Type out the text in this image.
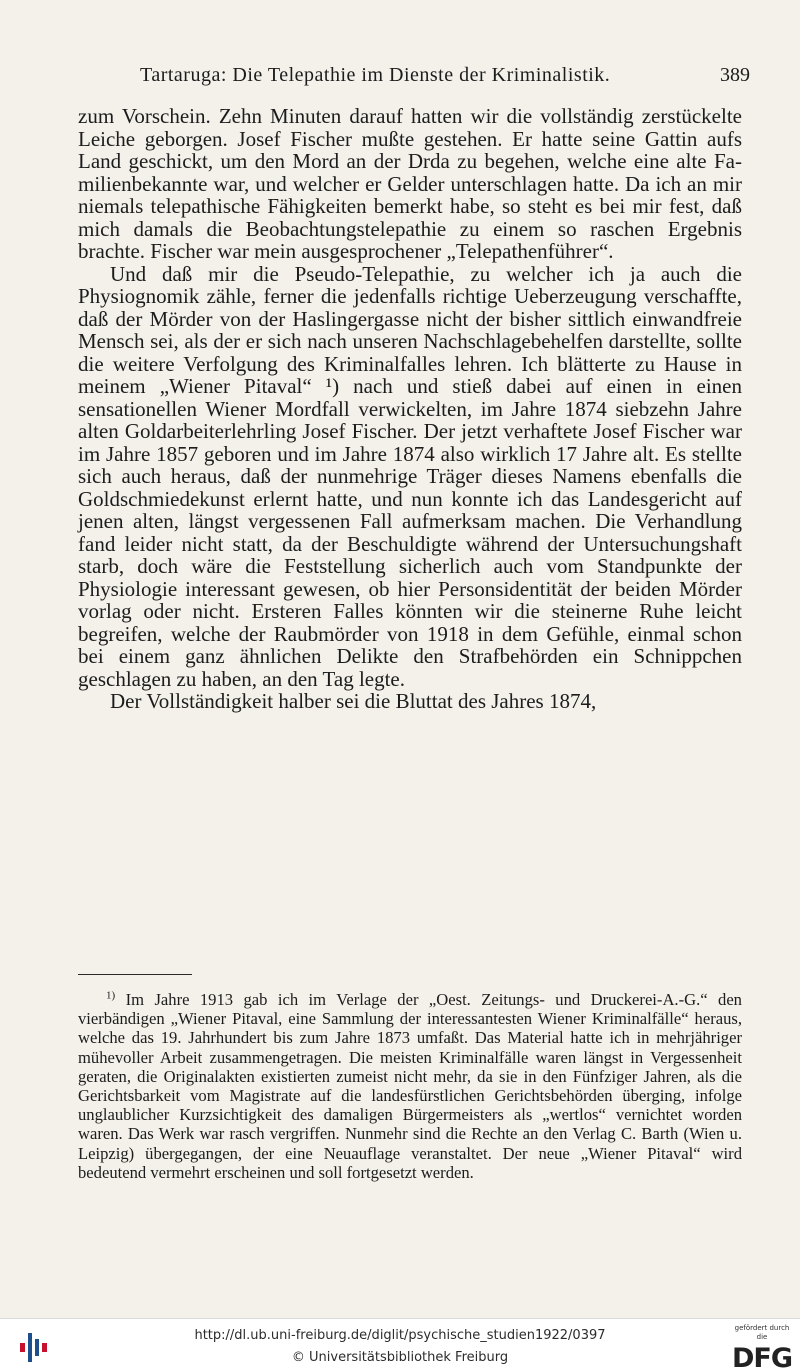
Tartaruga: Die Telepathie im Dienste der Kriminalistik.	389

zum Vorschein. Zehn Minuten darauf hatten wir die vollständig zerstückelte Leiche geborgen. Josef Fischer mußte gestehen. Er hatte seine Gattin aufs Land geschickt, um den Mord an der Drda zu begehen, welche eine alte Familienbekannte war, und welcher er Gelder unterschlagen hatte. Da ich an mir niemals telepathische Fähigkeiten bemerkt habe, so steht es bei mir fest, daß mich damals die Beobachtungstelepathie zu einem so raschen Ergebnis brachte. Fischer war mein ausgesprochener „Telepathenführer“.

Und daß mir die Pseudo-Telepathie, zu welcher ich ja auch die Physiognomik zähle, ferner die jedenfalls richtige Ueberzeugung verschaffte, daß der Mörder von der Haslingergasse nicht der bisher sittlich einwandfreie Mensch sei, als der er sich nach unseren Nachschlagebehelfen darstellte, sollte die weitere Verfolgung des Kriminalfalles lehren. Ich blätterte zu Hause in meinem „Wiener Pitaval“ ¹) nach und stieß dabei auf einen in einen sensationellen Wiener Mordfall verwickelten, im Jahre 1874 siebzehn Jahre alten Goldarbeiterlehrling Josef Fischer. Der jetzt verhaftete Josef Fischer war im Jahre 1857 geboren und im Jahre 1874 also wirklich 17 Jahre alt. Es stellte sich auch heraus, daß der nunmehrige Träger dieses Namens ebenfalls die Goldschmiedekunst erlernt hatte, und nun konnte ich das Landesgericht auf jenen alten, längst vergessenen Fall aufmerksam machen. Die Verhandlung fand leider nicht statt, da der Beschuldigte während der Untersuchungshaft starb, doch wäre die Feststellung sicherlich auch vom Standpunkte der Physiologie interessant gewesen, ob hier Personsidentität der beiden Mörder vorlag oder nicht. Ersteren Falles könnten wir die steinerne Ruhe leicht begreifen, welche der Raubmörder von 1918 in dem Gefühle, einmal schon bei einem ganz ähnlichen Delikte den Strafbehörden ein Schnippchen geschlagen zu haben, an den Tag legte.

Der Vollständigkeit halber sei die Bluttat des Jahres 1874,

$^{1)}$ Im Jahre 1913 gab ich im Verlage der „Oest. Zeitungs- und Druckerei-A.-G.“ den vierbändigen „Wiener Pitaval, eine Sammlung der interessantesten Wiener Kriminalfälle“ heraus, welche das 19. Jahrhundert bis zum Jahre 1873 umfaßt. Das Material hatte ich in mehrjähriger mühevoller Arbeit zusammengetragen. Die meisten Kriminalfälle waren längst in Vergessenheit geraten, die Originalakten existierten zumeist nicht mehr, da sie in den Fünfziger Jahren, als die Gerichtsbarkeit vom Magistrate auf die landesfürstlichen Gerichtsbehörden überging, infolge unglaublicher Kurzsichtigkeit des damaligen Bürgermeisters als „wertlos“ vernichtet worden waren. Das Werk war rasch vergriffen. Nunmehr sind die Rechte an den Verlag C. Barth (Wien u. Leipzig) übergegangen, der eine Neuauflage veranstaltet. Der neue „Wiener Pitaval“ wird bedeutend vermehrt erscheinen und soll fortgesetzt werden.
http://dl.ub.uni-freiburg.de/diglit/psychische_studien1922/0397
© Universitätsbibliothek Freiburg
gefördert durch die
DFG
